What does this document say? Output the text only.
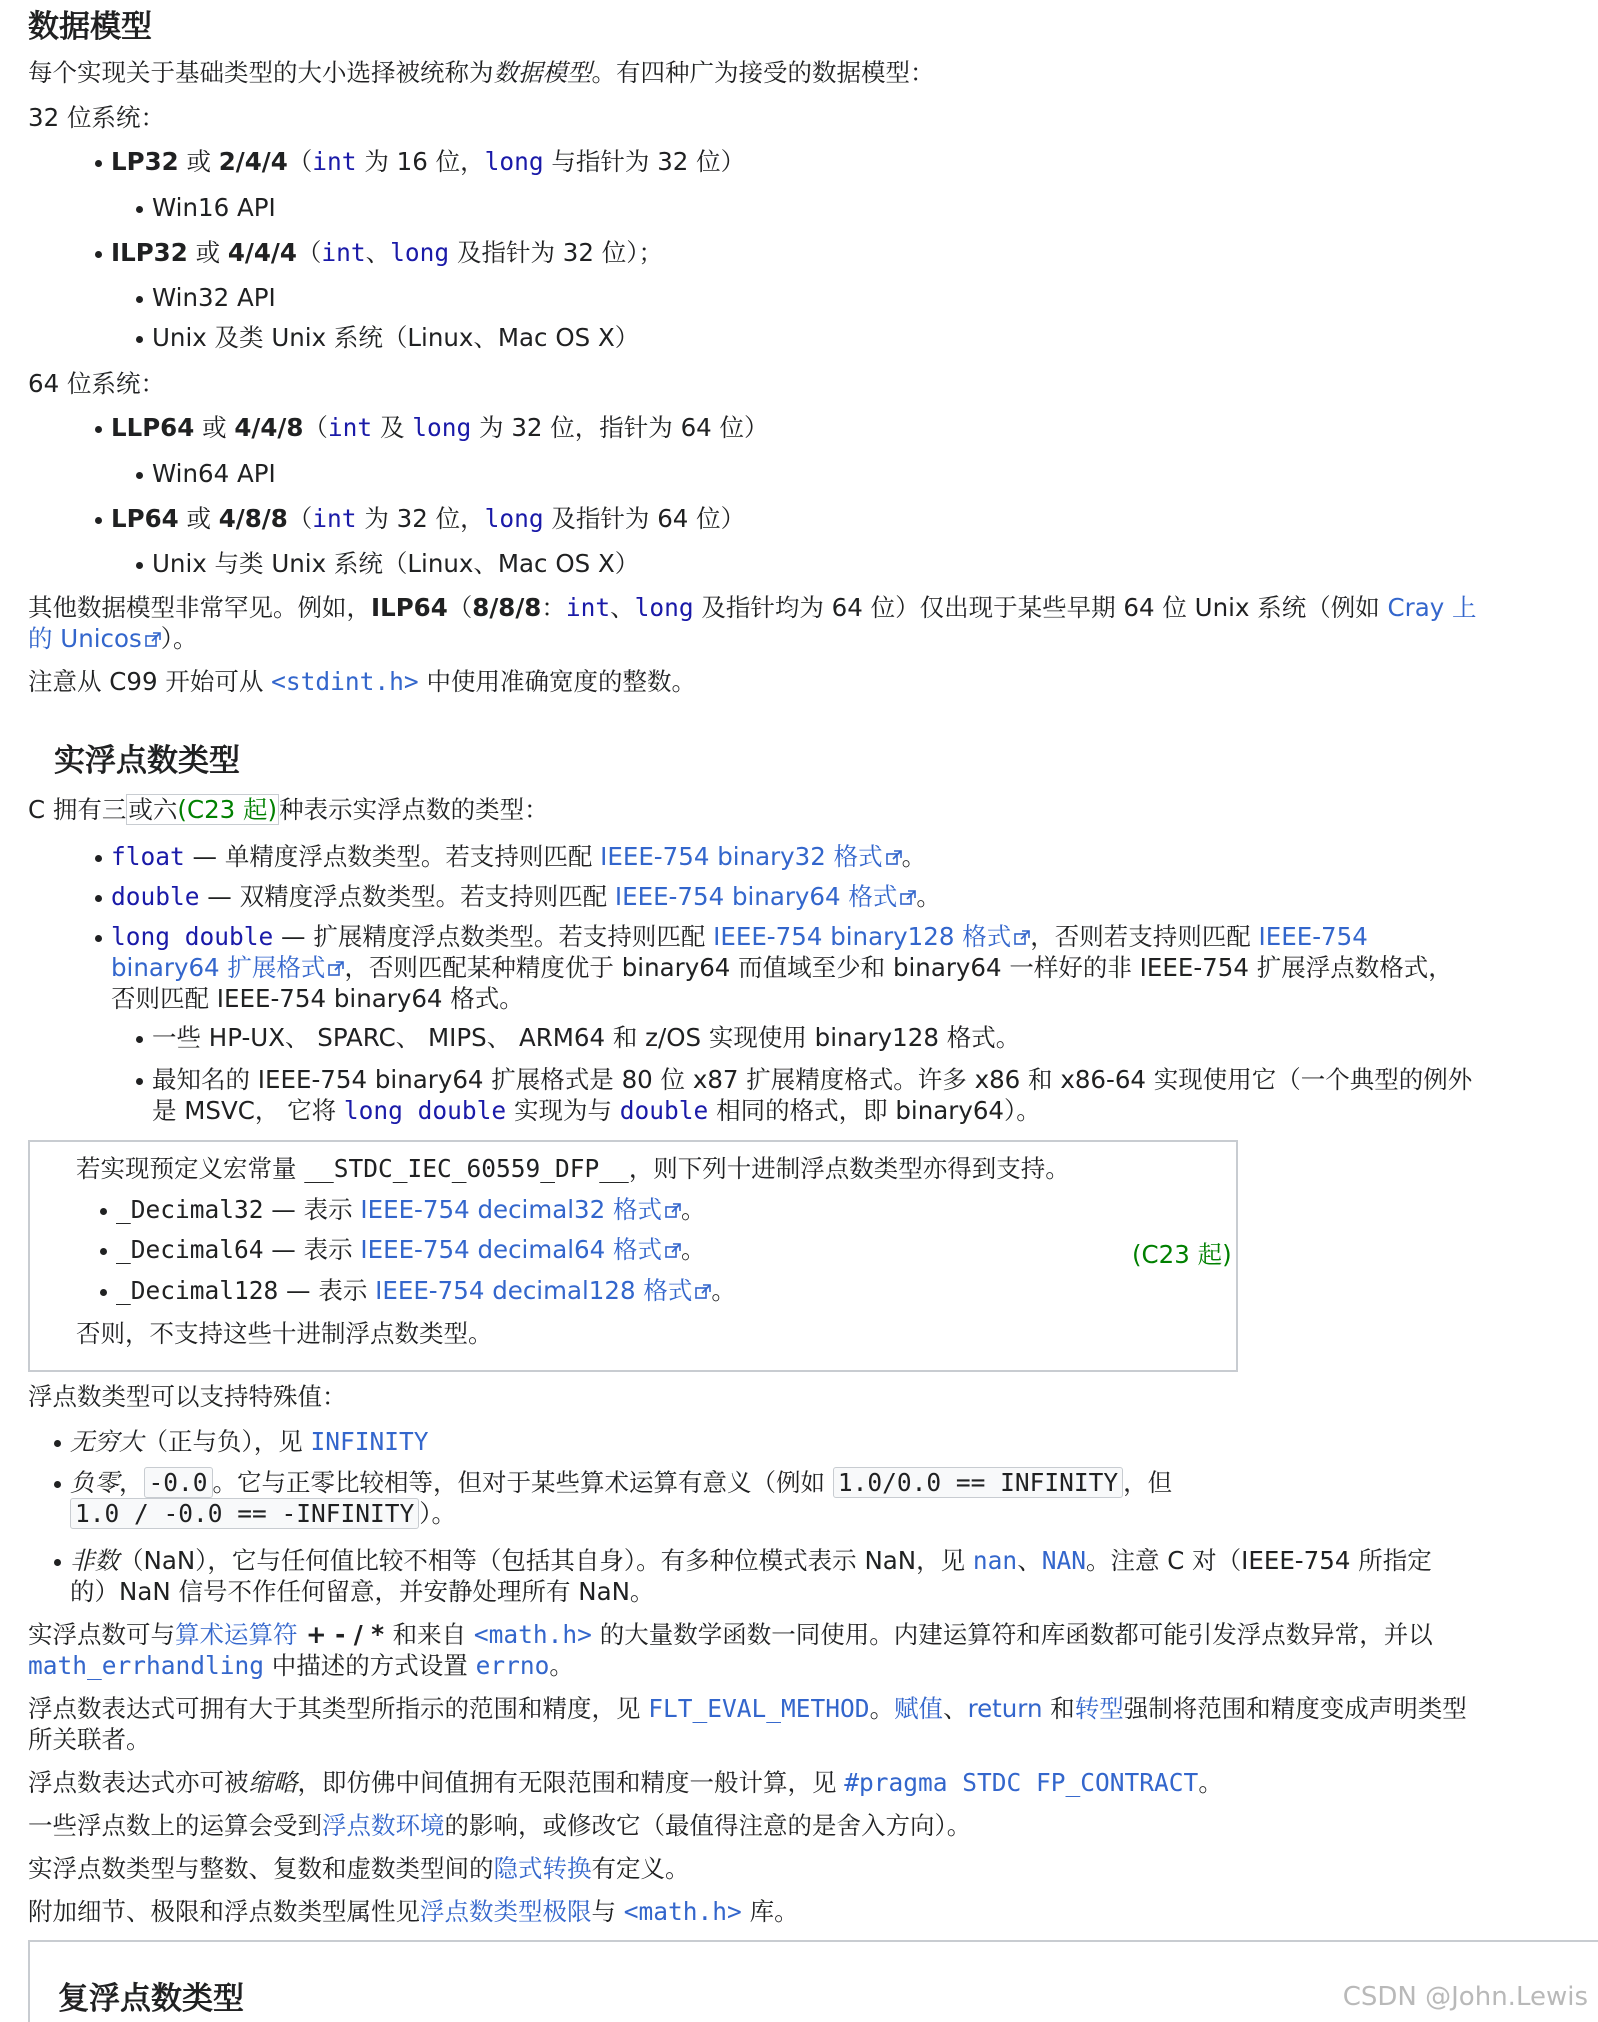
数据模型
每个实现关于基础类型的大小选择被统称为数据模型。有四种广为接受的数据模型：
32 位系统：
LP32 或 2/4/4（int 为 16 位，long 与指针为 32 位）
Win16 API
ILP32 或 4/4/4（int、long 及指针为 32 位）；
Win32 API
Unix 及类 Unix 系统（Linux、Mac OS X）
64 位系统：
LLP64 或 4/4/8（int 及 long 为 32 位，指针为 64 位）
Win64 API
LP64 或 4/8/8（int 为 32 位，long 及指针为 64 位）
Unix 与类 Unix 系统（Linux、Mac OS X）
其他数据模型非常罕见。例如，ILP64（8/8/8：int、long 及指针均为 64 位）仅出现于某些早期 64 位 Unix 系统（例如 Cray 上
的 Unicos ）。
注意从 C99 开始可从 <stdint.h> 中使用准确宽度的整数。
实浮点数类型
C 拥有三或六(C23 起)种表示实浮点数的类型：
float — 单精度浮点数类型。若支持则匹配 IEEE-754 binary32 格式 。
double — 双精度浮点数类型。若支持则匹配 IEEE-754 binary64 格式 。
long double — 扩展精度浮点数类型。若支持则匹配 IEEE-754 binary128 格式 ，否则若支持则匹配 IEEE-754
binary64 扩展格式 ，否则匹配某种精度优于 binary64 而值域至少和 binary64 一样好的非 IEEE-754 扩展浮点数格式，
否则匹配 IEEE-754 binary64 格式。
一些 HP-UX、 SPARC、 MIPS、 ARM64 和 z/OS 实现使用 binary128 格式。
最知名的 IEEE-754 binary64 扩展格式是 80 位 x87 扩展精度格式。许多 x86 和 x86-64 实现使用它（一个典型的例外
是 MSVC， 它将 long double 实现为与 double 相同的格式，即 binary64）。
若实现预定义宏常量 __STDC_IEC_60559_DFP__，则下列十进制浮点数类型亦得到支持。
_Decimal32 — 表示 IEEE-754 decimal32 格式 。
_Decimal64 — 表示 IEEE-754 decimal64 格式 。
_Decimal128 — 表示 IEEE-754 decimal128 格式 。
(C23 起)
否则，不支持这些十进制浮点数类型。
浮点数类型可以支持特殊值：
无穷大（正与负），见 INFINITY
负零， -0.0 。它与正零比较相等，但对于某些算术运算有意义（例如 1.0/0.0 == INFINITY ，但
1.0 / -0.0 == -INFINITY ）。
非数（NaN），它与任何值比较不相等（包括其自身）。有多种位模式表示 NaN，见 nan、NAN。注意 C 对（IEEE-754 所指定
的）NaN 信号不作任何留意，并安静处理所有 NaN。
实浮点数可与算术运算符 + - / * 和来自 <math.h> 的大量数学函数一同使用。内建运算符和库函数都可能引发浮点数异常，并以
math_errhandling 中描述的方式设置 errno。
浮点数表达式可拥有大于其类型所指示的范围和精度，见 FLT_EVAL_METHOD。赋值、return 和转型强制将范围和精度变成声明类型
所关联者。
浮点数表达式亦可被缩略，即仿佛中间值拥有无限范围和精度一般计算，见 #pragma STDC FP_CONTRACT。
一些浮点数上的运算会受到浮点数环境的影响，或修改它（最值得注意的是舍入方向）。
实浮点数类型与整数、复数和虚数类型间的隐式转换有定义。
附加细节、极限和浮点数类型属性见浮点数类型极限与 <math.h> 库。
复浮点数类型	CSDN @John.Lewis
